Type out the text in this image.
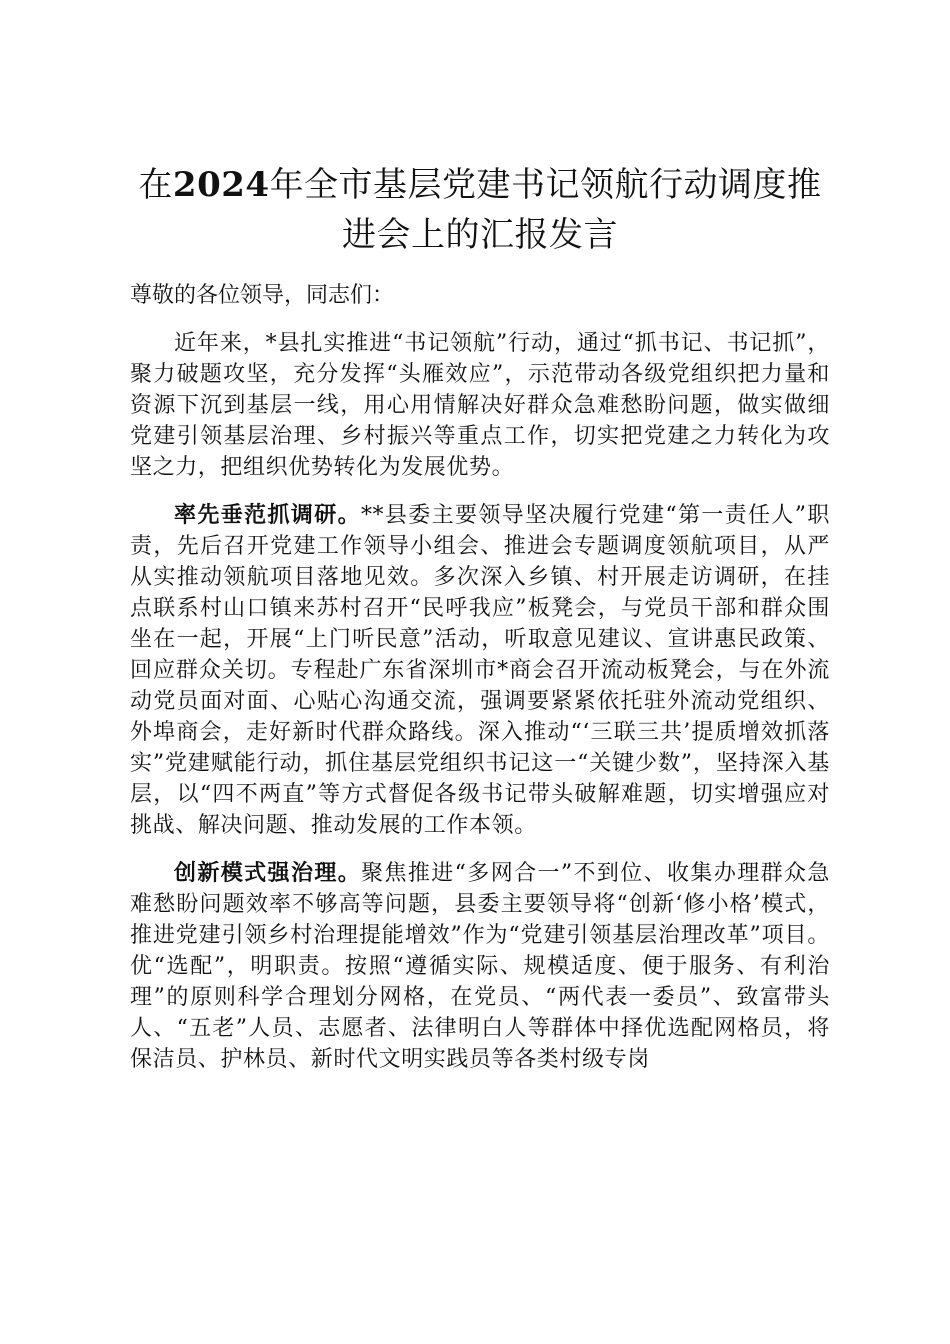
在2024年全市基层党建书记领航行动调度推进会上的汇报发言

尊敬的各位领导，同志们：

近年来，*县扎实推进“书记领航”行动，通过“抓书记、书记抓”，聚力破题攻坚，充分发挥“头雁效应”，示范带动各级党组织把力量和资源下沉到基层一线，用心用情解决好群众急难愁盼问题，做实做细党建引领基层治理、乡村振兴等重点工作，切实把党建之力转化为攻坚之力，把组织优势转化为发展优势。

率先垂范抓调研。**县委主要领导坚决履行党建“第一责任人”职责，先后召开党建工作领导小组会、推进会专题调度领航项目，从严从实推动领航项目落地见效。多次深入乡镇、村开展走访调研，在挂点联系村山口镇来苏村召开“民呼我应”板凳会，与党员干部和群众围坐在一起，开展“上门听民意”活动，听取意见建议、宣讲惠民政策、回应群众关切。专程赴广东省深圳市*商会召开流动板凳会，与在外流动党员面对面、心贴心沟通交流，强调要紧紧依托驻外流动党组织、外埠商会，走好新时代群众路线。深入推动“‘三联三共’提质增效抓落实”党建赋能行动，抓住基层党组织书记这一“关键少数”，坚持深入基层，以“四不两直”等方式督促各级书记带头破解难题，切实增强应对挑战、解决问题、推动发展的工作本领。

创新模式强治理。聚焦推进“多网合一”不到位、收集办理群众急难愁盼问题效率不够高等问题，县委主要领导将“创新‘修小格’模式，推进党建引领乡村治理提能增效”作为“党建引领基层治理改革”项目。优“选配”，明职责。按照“遵循实际、规模适度、便于服务、有利治理”的原则科学合理划分网格，在党员、“两代表一委员”、致富带头人、“五老”人员、志愿者、法律明白人等群体中择优选配网格员，将保洁员、护林员、新时代文明实践员等各类村级专岗
